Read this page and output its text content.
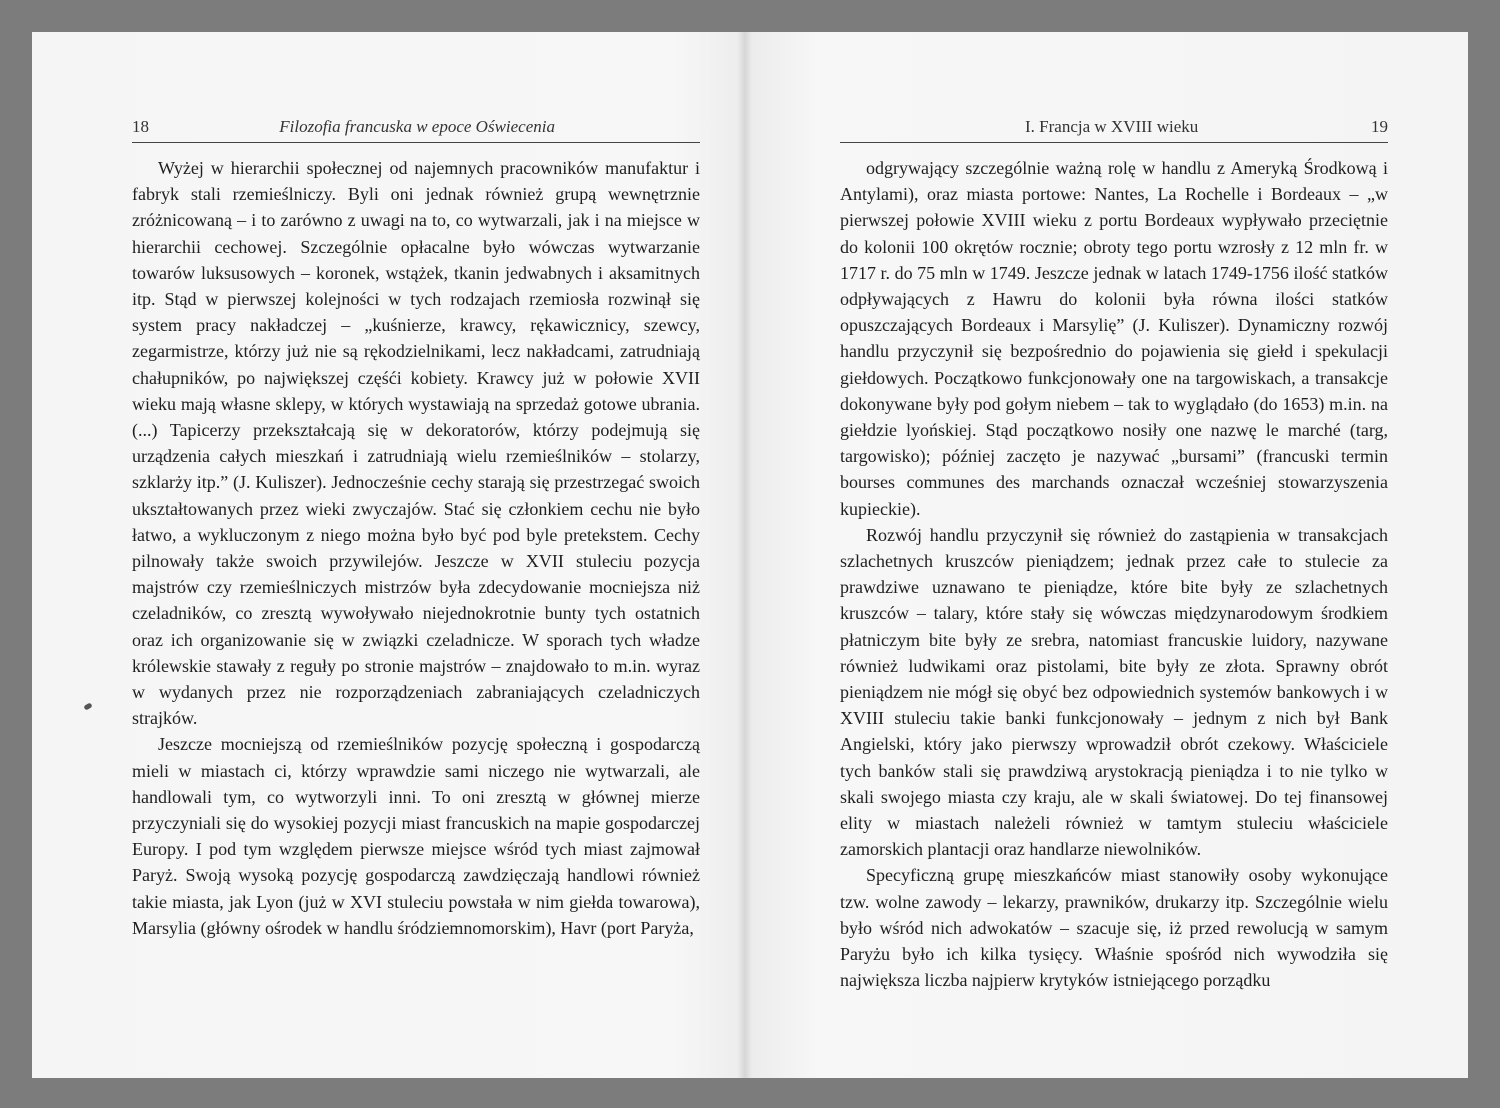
18	Filozofia francuska w epoce Oświecenia

Wyżej w hierarchii społecznej od najemnych pracowników manufaktur i fabryk stali rzemieślniczy. Byli oni jednak również grupą wewnętrznie zróżnicowaną – i to zarówno z uwagi na to, co wytwarzali, jak i na miejsce w hierarchii cechowej. Szczególnie opłacalne było wówczas wytwarzanie towarów luksusowych – koronek, wstążek, tkanin jedwabnych i aksamitnych itp. Stąd w pierwszej kolejności w tych rodzajach rzemiosła rozwinął się system pracy nakładczej – „kuśnierze, krawcy, rękawicznicy, szewcy, zegarmistrze, którzy już nie są rękodzielnikami, lecz nakładcami, zatrudniają chałupników, po największej częśći kobiety. Krawcy już w połowie XVII wieku mają własne sklepy, w których wystawiają na sprzedaż gotowe ubrania. (...) Tapicerzy przekształcają się w dekoratorów, którzy podejmują się urządzenia całych mieszkań i zatrudniają wielu rzemieślników – stolarzy, szklarży itp.” (J. Kuliszer). Jednocześnie cechy starają się przestrzegać swoich ukształtowanych przez wieki zwyczajów. Stać się członkiem cechu nie było łatwo, a wykluczonym z niego można było być pod byle pretekstem. Cechy pilnowały także swoich przywilejów. Jeszcze w XVII stuleciu pozycja majstrów czy rzemieślniczych mistrzów była zdecydowanie mocniejsza niż czeladników, co zresztą wywoływało niejednokrotnie bunty tych ostatnich oraz ich organizowanie się w związki czeladnicze. W sporach tych władze królewskie stawały z reguły po stronie majstrów – znajdowało to m.in. wyraz w wydanych przez nie rozporządzeniach zabraniających czeladniczych strajków.

Jeszcze mocniejszą od rzemieślników pozycję społeczną i gospodarczą mieli w miastach ci, którzy wprawdzie sami niczego nie wytwarzali, ale handlowali tym, co wytworzyli inni. To oni zresztą w głównej mierze przyczyniali się do wysokiej pozycji miast francuskich na mapie gospodarczej Europy. I pod tym względem pierwsze miejsce wśród tych miast zajmował Paryż. Swoją wysoką pozycję gospodarczą zawdzięczają handlowi również takie miasta, jak Lyon (już w XVI stuleciu powstała w nim giełda towarowa), Marsylia (główny ośrodek w handlu śródziemnomorskim), Havr (port Paryża,

I. Francja w XVIII wieku	19

odgrywający szczególnie ważną rolę w handlu z Ameryką Środkową i Antylami), oraz miasta portowe: Nantes, La Rochelle i Bordeaux – „w pierwszej połowie XVIII wieku z portu Bordeaux wypływało przeciętnie do kolonii 100 okrętów rocznie; obroty tego portu wzrosły z 12 mln fr. w 1717 r. do 75 mln w 1749. Jeszcze jednak w latach 1749-1756 ilość statków odpływających z Hawru do kolonii była równa ilości statków opuszczających Bordeaux i Marsylię” (J. Kuliszer). Dynamiczny rozwój handlu przyczynił się bezpośrednio do pojawienia się giełd i spekulacji giełdowych. Początkowo funkcjonowały one na targowiskach, a transakcje dokonywane były pod gołym niebem – tak to wyglądało (do 1653) m.in. na giełdzie lyońskiej. Stąd początkowo nosiły one nazwę le marché (targ, targowisko); później zaczęto je nazywać „bursami” (francuski termin bourses communes des marchands oznaczał wcześniej stowarzyszenia kupieckie).

Rozwój handlu przyczynił się również do zastąpienia w transakcjach szlachetnych kruszców pieniądzem; jednak przez całe to stulecie za prawdziwe uznawano te pieniądze, które bite były ze szlachetnych kruszców – talary, które stały się wówczas międzynarodowym środkiem płatniczym bite były ze srebra, natomiast francuskie luidory, nazywane również ludwikami oraz pistolami, bite były ze złota. Sprawny obrót pieniądzem nie mógł się obyć bez odpowiednich systemów bankowych i w XVIII stuleciu takie banki funkcjonowały – jednym z nich był Bank Angielski, który jako pierwszy wprowadził obrót czekowy. Właściciele tych banków stali się prawdziwą arystokracją pieniądza i to nie tylko w skali swojego miasta czy kraju, ale w skali światowej. Do tej finansowej elity w miastach należeli również w tamtym stuleciu właściciele zamorskich plantacji oraz handlarze niewolników.

Specyficzną grupę mieszkańców miast stanowiły osoby wykonujące tzw. wolne zawody – lekarzy, prawników, drukarzy itp. Szczególnie wielu było wśród nich adwokatów – szacuje się, iż przed rewolucją w samym Paryżu było ich kilka tysięcy. Właśnie spośród nich wywodziła się największa liczba najpierw krytyków istniejącego porządku
